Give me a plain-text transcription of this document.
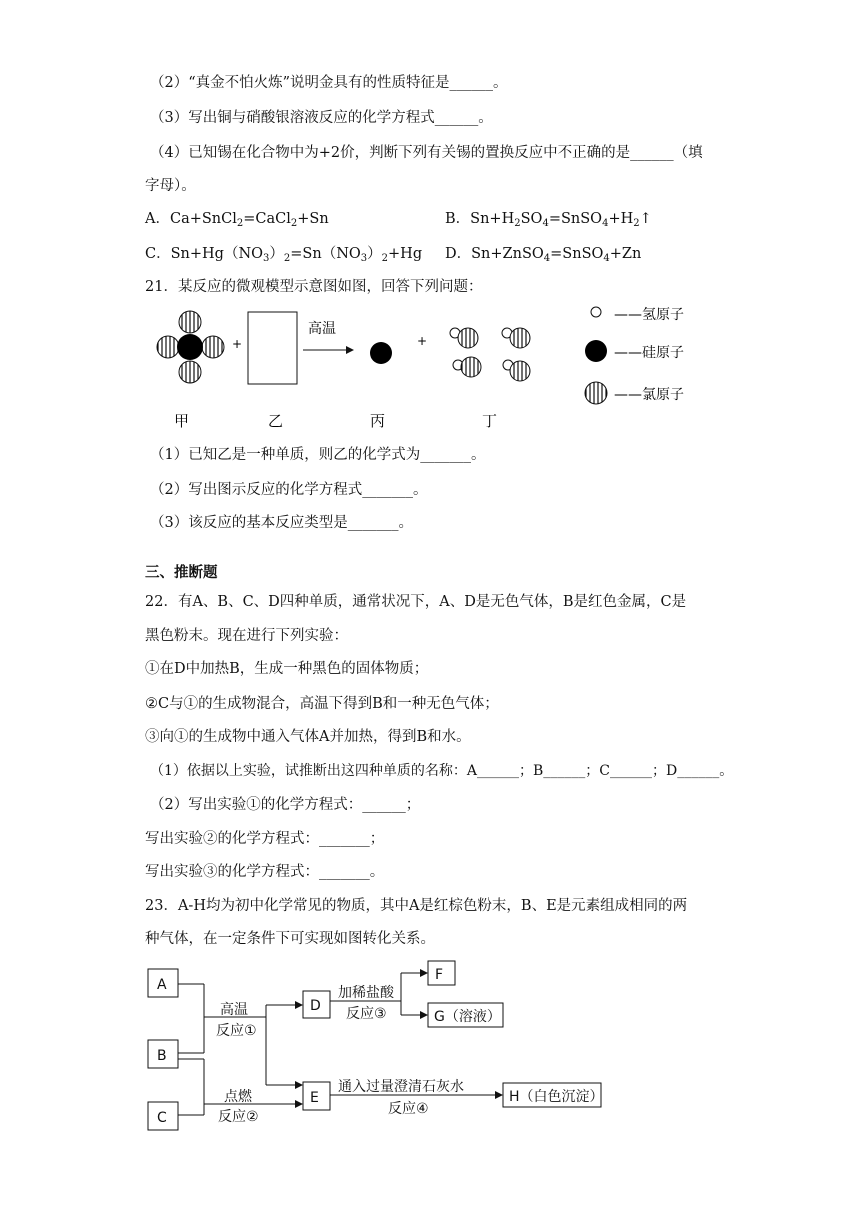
（2）“真金不怕火炼”说明金具有的性质特征是______。
（3）写出铜与硝酸银溶液反应的化学方程式______。
（4）已知锡在化合物中为+2价，判断下列有关锡的置换反应中不正确的是______（填
字母）。
A．Ca+SnCl$_2$=CaCl$_2$+Sn	B．$Sn+H_2SO_4=SnSO_4+H_2↑$
C．$Sn+Hg(NO_3)_2=Sn(NO_3)_2+Hg$ D．Sn+ZnSO$_4$=SnSO$_4$+Zn
21．某反应的微观模型示意图如图，回答下列问题：
+
高温
+
——氢原子
——硅原子
——氯原子
甲	乙	丙	丁
（1）已知乙是一种单质，则乙的化学式为_______。
（2）写出图示反应的化学方程式_______。
（3）该反应的基本反应类型是_______。
三、推断题
22．有A、B、C、D四种单质，通常状况下，A、D是无色气体，B是红色金属，C是
黑色粉末。现在进行下列实验：
①在D中加热B，生成一种黑色的固体物质；
②C与①的生成物混合，高温下得到B和一种无色气体；
③向①的生成物中通入气体A并加热，得到B和水。
（1）依据以上实验，试推断出这四种单质的名称：A______；B______；C______；D______。
（2）写出实验①的化学方程式：______；
写出实验②的化学方程式：_______；
写出实验③的化学方程式：_______。
23．A-H均为初中化学常见的物质，其中A是红棕色粉末，B、E是元素组成相同的两
种气体，在一定条件下可实现如图转化关系。
A
B
C
D
E
F
G（溶液）
H（白色沉淀）
高温
反应①
点燃
反应②
加稀盐酸
反应③
通入过量澄清石灰水
反应④
